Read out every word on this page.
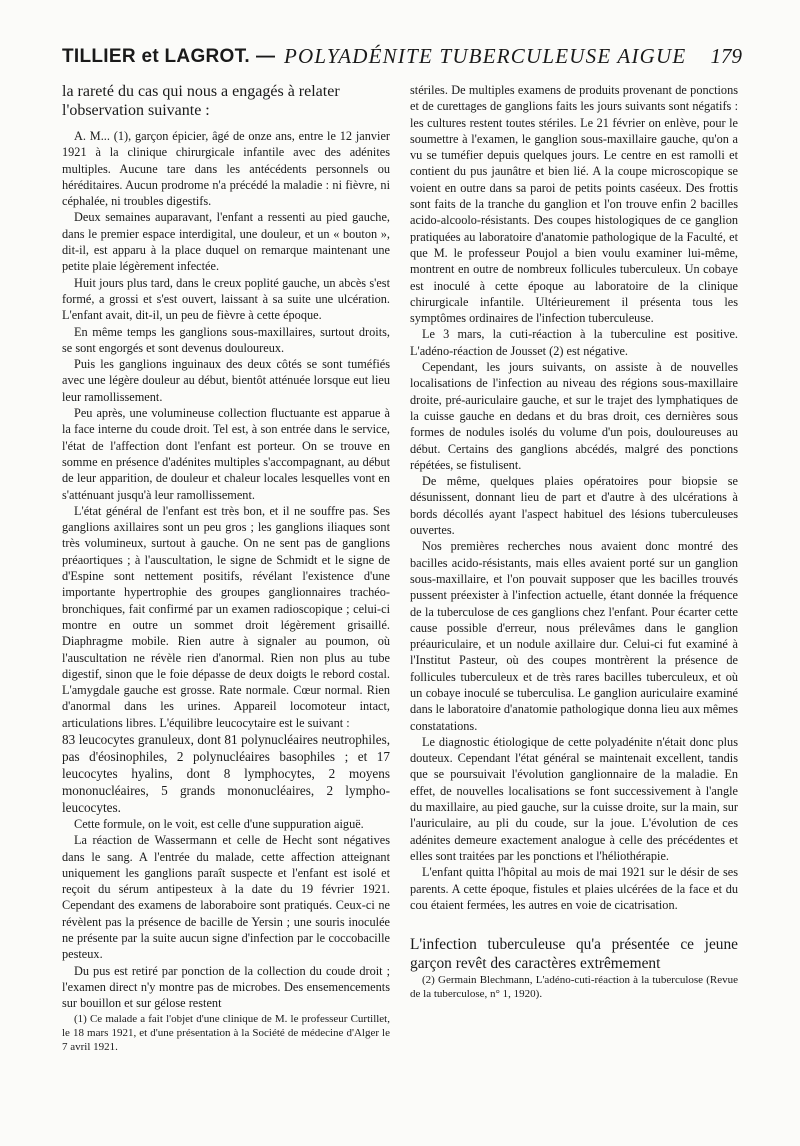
TILLIER et LAGROT. — POLYADÉNITE TUBERCULEUSE AIGUE 179

la rareté du cas qui nous a engagés à relater l'observation suivante :

A. M... (1), garçon épicier, âgé de onze ans, entre le 12 janvier 1921 à la clinique chirurgicale infantile avec des adénites multiples. Aucune tare dans les antécédents personnels ou héréditaires. Aucun prodrome n'a précédé la maladie : ni fièvre, ni céphalée, ni troubles digestifs.

Deux semaines auparavant, l'enfant a ressenti au pied gauche, dans le premier espace interdigital, une douleur, et un « bouton », dit-il, est apparu à la place duquel on remarque maintenant une petite plaie légèrement infectée.

Huit jours plus tard, dans le creux poplité gauche, un abcès s'est formé, a grossi et s'est ouvert, laissant à sa suite une ulcération. L'enfant avait, dit-il, un peu de fièvre à cette époque.

En même temps les ganglions sous-maxillaires, surtout droits, se sont engorgés et sont devenus douloureux.

Puis les ganglions inguinaux des deux côtés se sont tuméfiés avec une légère douleur au début, bientôt atténuée lorsque eut lieu leur ramollissement.

Peu après, une volumineuse collection fluctuante est apparue à la face interne du coude droit. Tel est, à son entrée dans le service, l'état de l'affection dont l'enfant est porteur. On se trouve en somme en présence d'adénites multiples s'accompagnant, au début de leur apparition, de douleur et chaleur locales lesquelles vont en s'atténuant jusqu'à leur ramollissement.

L'état général de l'enfant est très bon, et il ne souffre pas. Ses ganglions axillaires sont un peu gros ; les ganglions iliaques sont très volumineux, surtout à gauche. On ne sent pas de ganglions préaortiques ; à l'auscultation, le signe de Schmidt et le signe de d'Espine sont nettement positifs, révélant l'existence d'une importante hypertrophie des groupes ganglionnaires trachéo-bronchiques, fait confirmé par un examen radioscopique ; celui-ci montre en outre un sommet droit légèrement grisaillé. Diaphragme mobile. Rien autre à signaler au poumon, où l'auscultation ne révèle rien d'anormal. Rien non plus au tube digestif, sinon que le foie dépasse de deux doigts le rebord costal. L'amygdale gauche est grosse. Rate normale. Cœur normal. Rien d'anormal dans les urines. Appareil locomoteur intact, articulations libres. L'équilibre leucocytaire est le suivant :

83 leucocytes granuleux, dont 81 polynucléaires neutrophiles, pas d'éosinophiles, 2 polynucléaires basophiles ; et 17 leucocytes hyalins, dont 8 lymphocytes, 2 moyens mononucléaires, 5 grands mononucléaires, 2 lympho-leucocytes.

Cette formule, on le voit, est celle d'une suppuration aiguë.

La réaction de Wassermann et celle de Hecht sont négatives dans le sang. A l'entrée du malade, cette affection atteignant uniquement les ganglions paraît suspecte et l'enfant est isolé et reçoit du sérum antipesteux à la date du 19 février 1921. Cependant des examens de laboraboire sont pratiqués. Ceux-ci ne révèlent pas la présence de bacille de Yersin ; une souris inoculée ne présente par la suite aucun signe d'infection par le coccobacille pesteux.

Du pus est retiré par ponction de la collection du coude droit ; l'examen direct n'y montre pas de microbes. Des ensemencements sur bouillon et sur gélose restent

(1) Ce malade a fait l'objet d'une clinique de M. le professeur Curtillet, le 18 mars 1921, et d'une présentation à la Société de médecine d'Alger le 7 avril 1921.

stériles. De multiples examens de produits provenant de ponctions et de curettages de ganglions faits les jours suivants sont négatifs : les cultures restent toutes stériles. Le 21 février on enlève, pour le soumettre à l'examen, le ganglion sous-maxillaire gauche, qu'on a vu se tuméfier depuis quelques jours. Le centre en est ramolli et contient du pus jaunâtre et bien lié. A la coupe microscopique se voient en outre dans sa paroi de petits points caséeux. Des frottis sont faits de la tranche du ganglion et l'on trouve enfin 2 bacilles acido-alcoolo-résistants. Des coupes histologiques de ce ganglion pratiquées au laboratoire d'anatomie pathologique de la Faculté, et que M. le professeur Poujol a bien voulu examiner lui-même, montrent en outre de nombreux follicules tuberculeux. Un cobaye est inoculé à cette époque au laboratoire de la clinique chirurgicale infantile. Ultérieurement il présenta tous les symptômes ordinaires de l'infection tuberculeuse.

Le 3 mars, la cuti-réaction à la tuberculine est positive. L'adéno-réaction de Jousset (2) est négative.

Cependant, les jours suivants, on assiste à de nouvelles localisations de l'infection au niveau des régions sous-maxillaire droite, pré-auriculaire gauche, et sur le trajet des lymphatiques de la cuisse gauche en dedans et du bras droit, ces dernières sous formes de nodules isolés du volume d'un pois, douloureuses au début. Certains des ganglions abcédés, malgré des ponctions répétées, se fistulisent.

De même, quelques plaies opératoires pour biopsie se désunissent, donnant lieu de part et d'autre à des ulcérations à bords décollés ayant l'aspect habituel des lésions tuberculeuses ouvertes.

Nos premières recherches nous avaient donc montré des bacilles acido-résistants, mais elles avaient porté sur un ganglion sous-maxillaire, et l'on pouvait supposer que les bacilles trouvés pussent préexister à l'infection actuelle, étant donnée la fréquence de la tuberculose de ces ganglions chez l'enfant. Pour écarter cette cause possible d'erreur, nous prélevâmes dans le ganglion préauriculaire, et un nodule axillaire dur. Celui-ci fut examiné à l'Institut Pasteur, où des coupes montrèrent la présence de follicules tuberculeux et de très rares bacilles tuberculeux, et où un cobaye inoculé se tuberculisa. Le ganglion auriculaire examiné dans le laboratoire d'anatomie pathologique donna lieu aux mêmes constatations.

Le diagnostic étiologique de cette polyadénite n'était donc plus douteux. Cependant l'état général se maintenait excellent, tandis que se poursuivait l'évolution ganglionnaire de la maladie. En effet, de nouvelles localisations se font successivement à l'angle du maxillaire, au pied gauche, sur la cuisse droite, sur la main, sur l'auriculaire, au pli du coude, sur la joue. L'évolution de ces adénites demeure exactement analogue à celle des précédentes et elles sont traitées par les ponctions et l'héliothérapie.

L'enfant quitta l'hôpital au mois de mai 1921 sur le désir de ses parents. A cette époque, fistules et plaies ulcérées de la face et du cou étaient fermées, les autres en voie de cicatrisation.

L'infection tuberculeuse qu'a présentée ce jeune garçon revêt des caractères extrêmement

(2) Germain Blechmann, L'adéno-cuti-réaction à la tuberculose (Revue de la tuberculose, n° 1, 1920).
